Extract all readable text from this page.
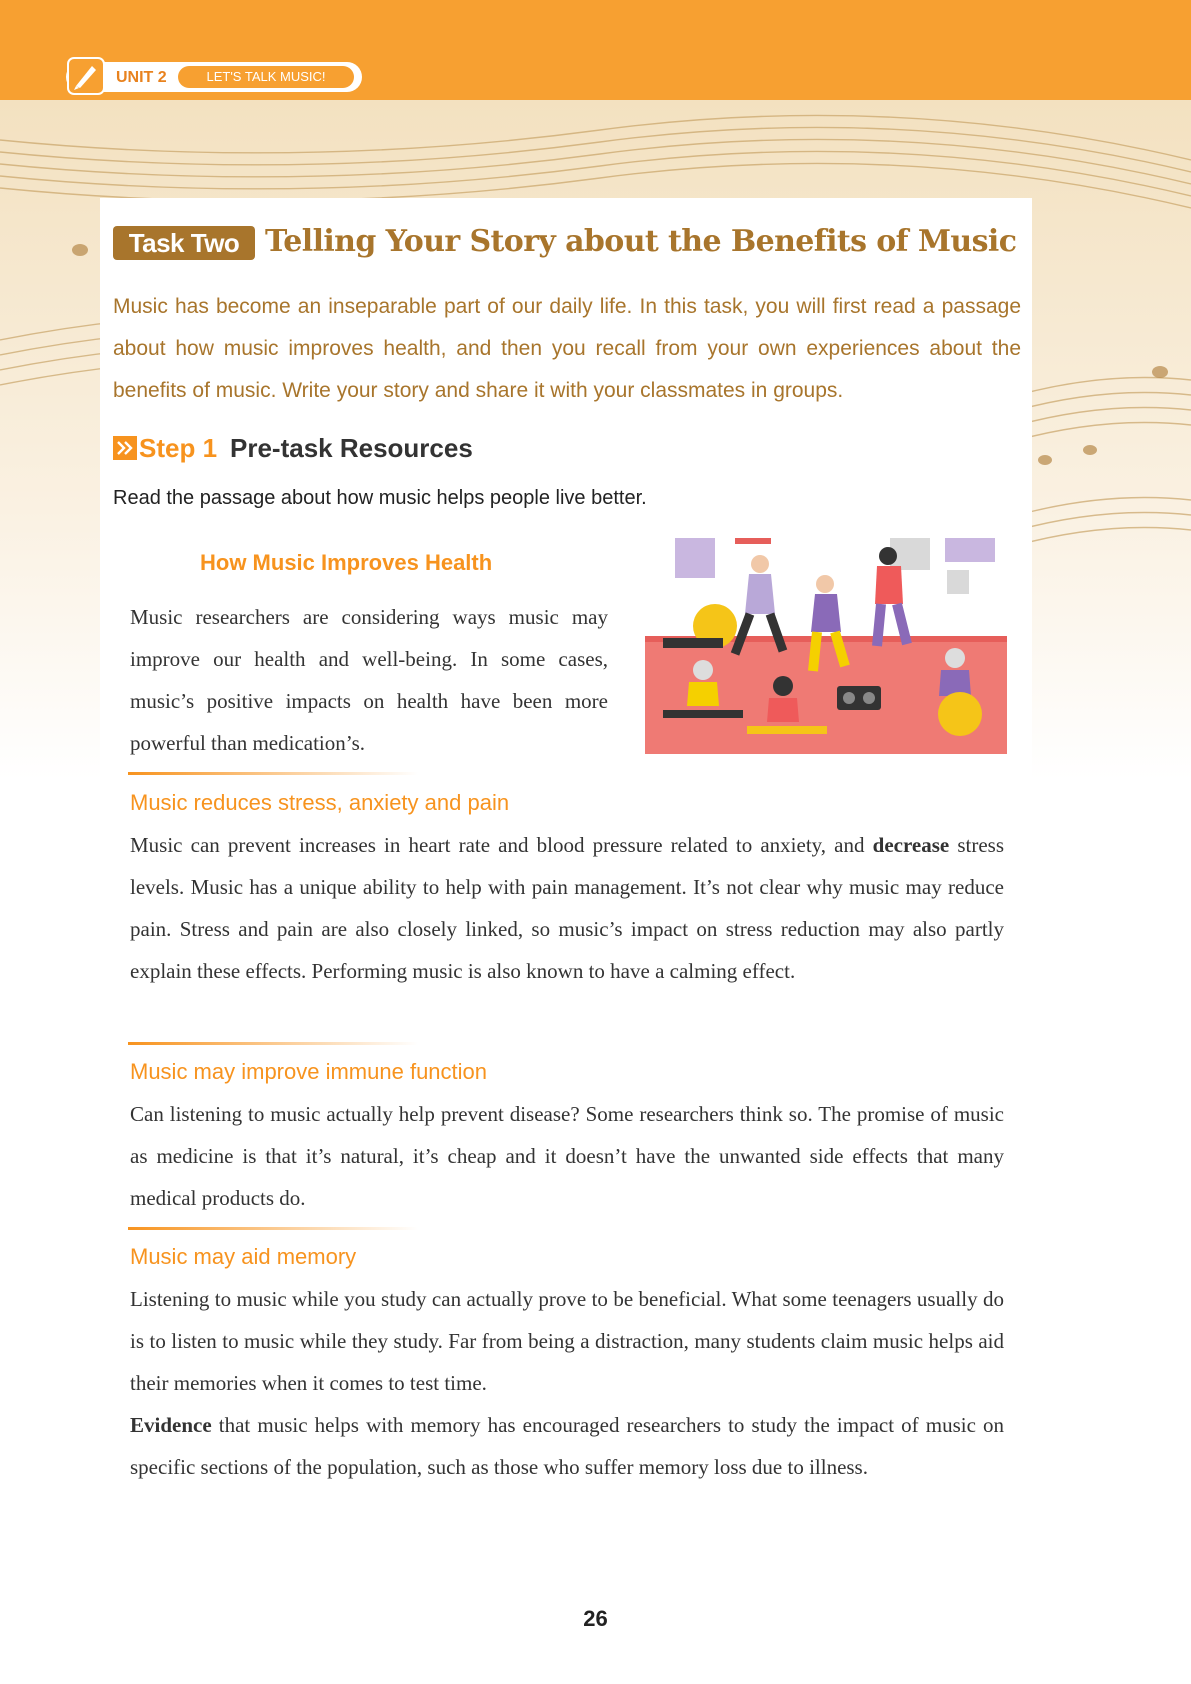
UNIT 2	LET'S TALK MUSIC!
Task Two Telling Your Story about the Benefits of Music
Music has become an inseparable part of our daily life. In this task, you will first read a passage about how music improves health, and then you recall from your own experiences about the benefits of music. Write your story and share it with your classmates in groups.
Step 1 Pre-task Resources
Read the passage about how music helps people live better.
How Music Improves Health
Music researchers are considering ways music may improve our health and well-being. In some cases, music’s positive impacts on health have been more powerful than medication’s.
Music reduces stress, anxiety and pain
Music can prevent increases in heart rate and blood pressure related to anxiety, and decrease stress levels. Music has a unique ability to help with pain management. It’s not clear why music may reduce pain. Stress and pain are also closely linked, so music’s impact on stress reduction may also partly explain these effects. Performing music is also known to have a calming effect.
Music may improve immune function
Can listening to music actually help prevent disease? Some researchers think so. The promise of music as medicine is that it’s natural, it’s cheap and it doesn’t have the unwanted side effects that many medical products do.
Music may aid memory
Listening to music while you study can actually prove to be beneficial. What some teenagers usually do is to listen to music while they study. Far from being a distraction, many students claim music helps aid their memories when it comes to test time.
Evidence that music helps with memory has encouraged researchers to study the impact of music on specific sections of the population, such as those who suffer memory loss due to illness.
26
